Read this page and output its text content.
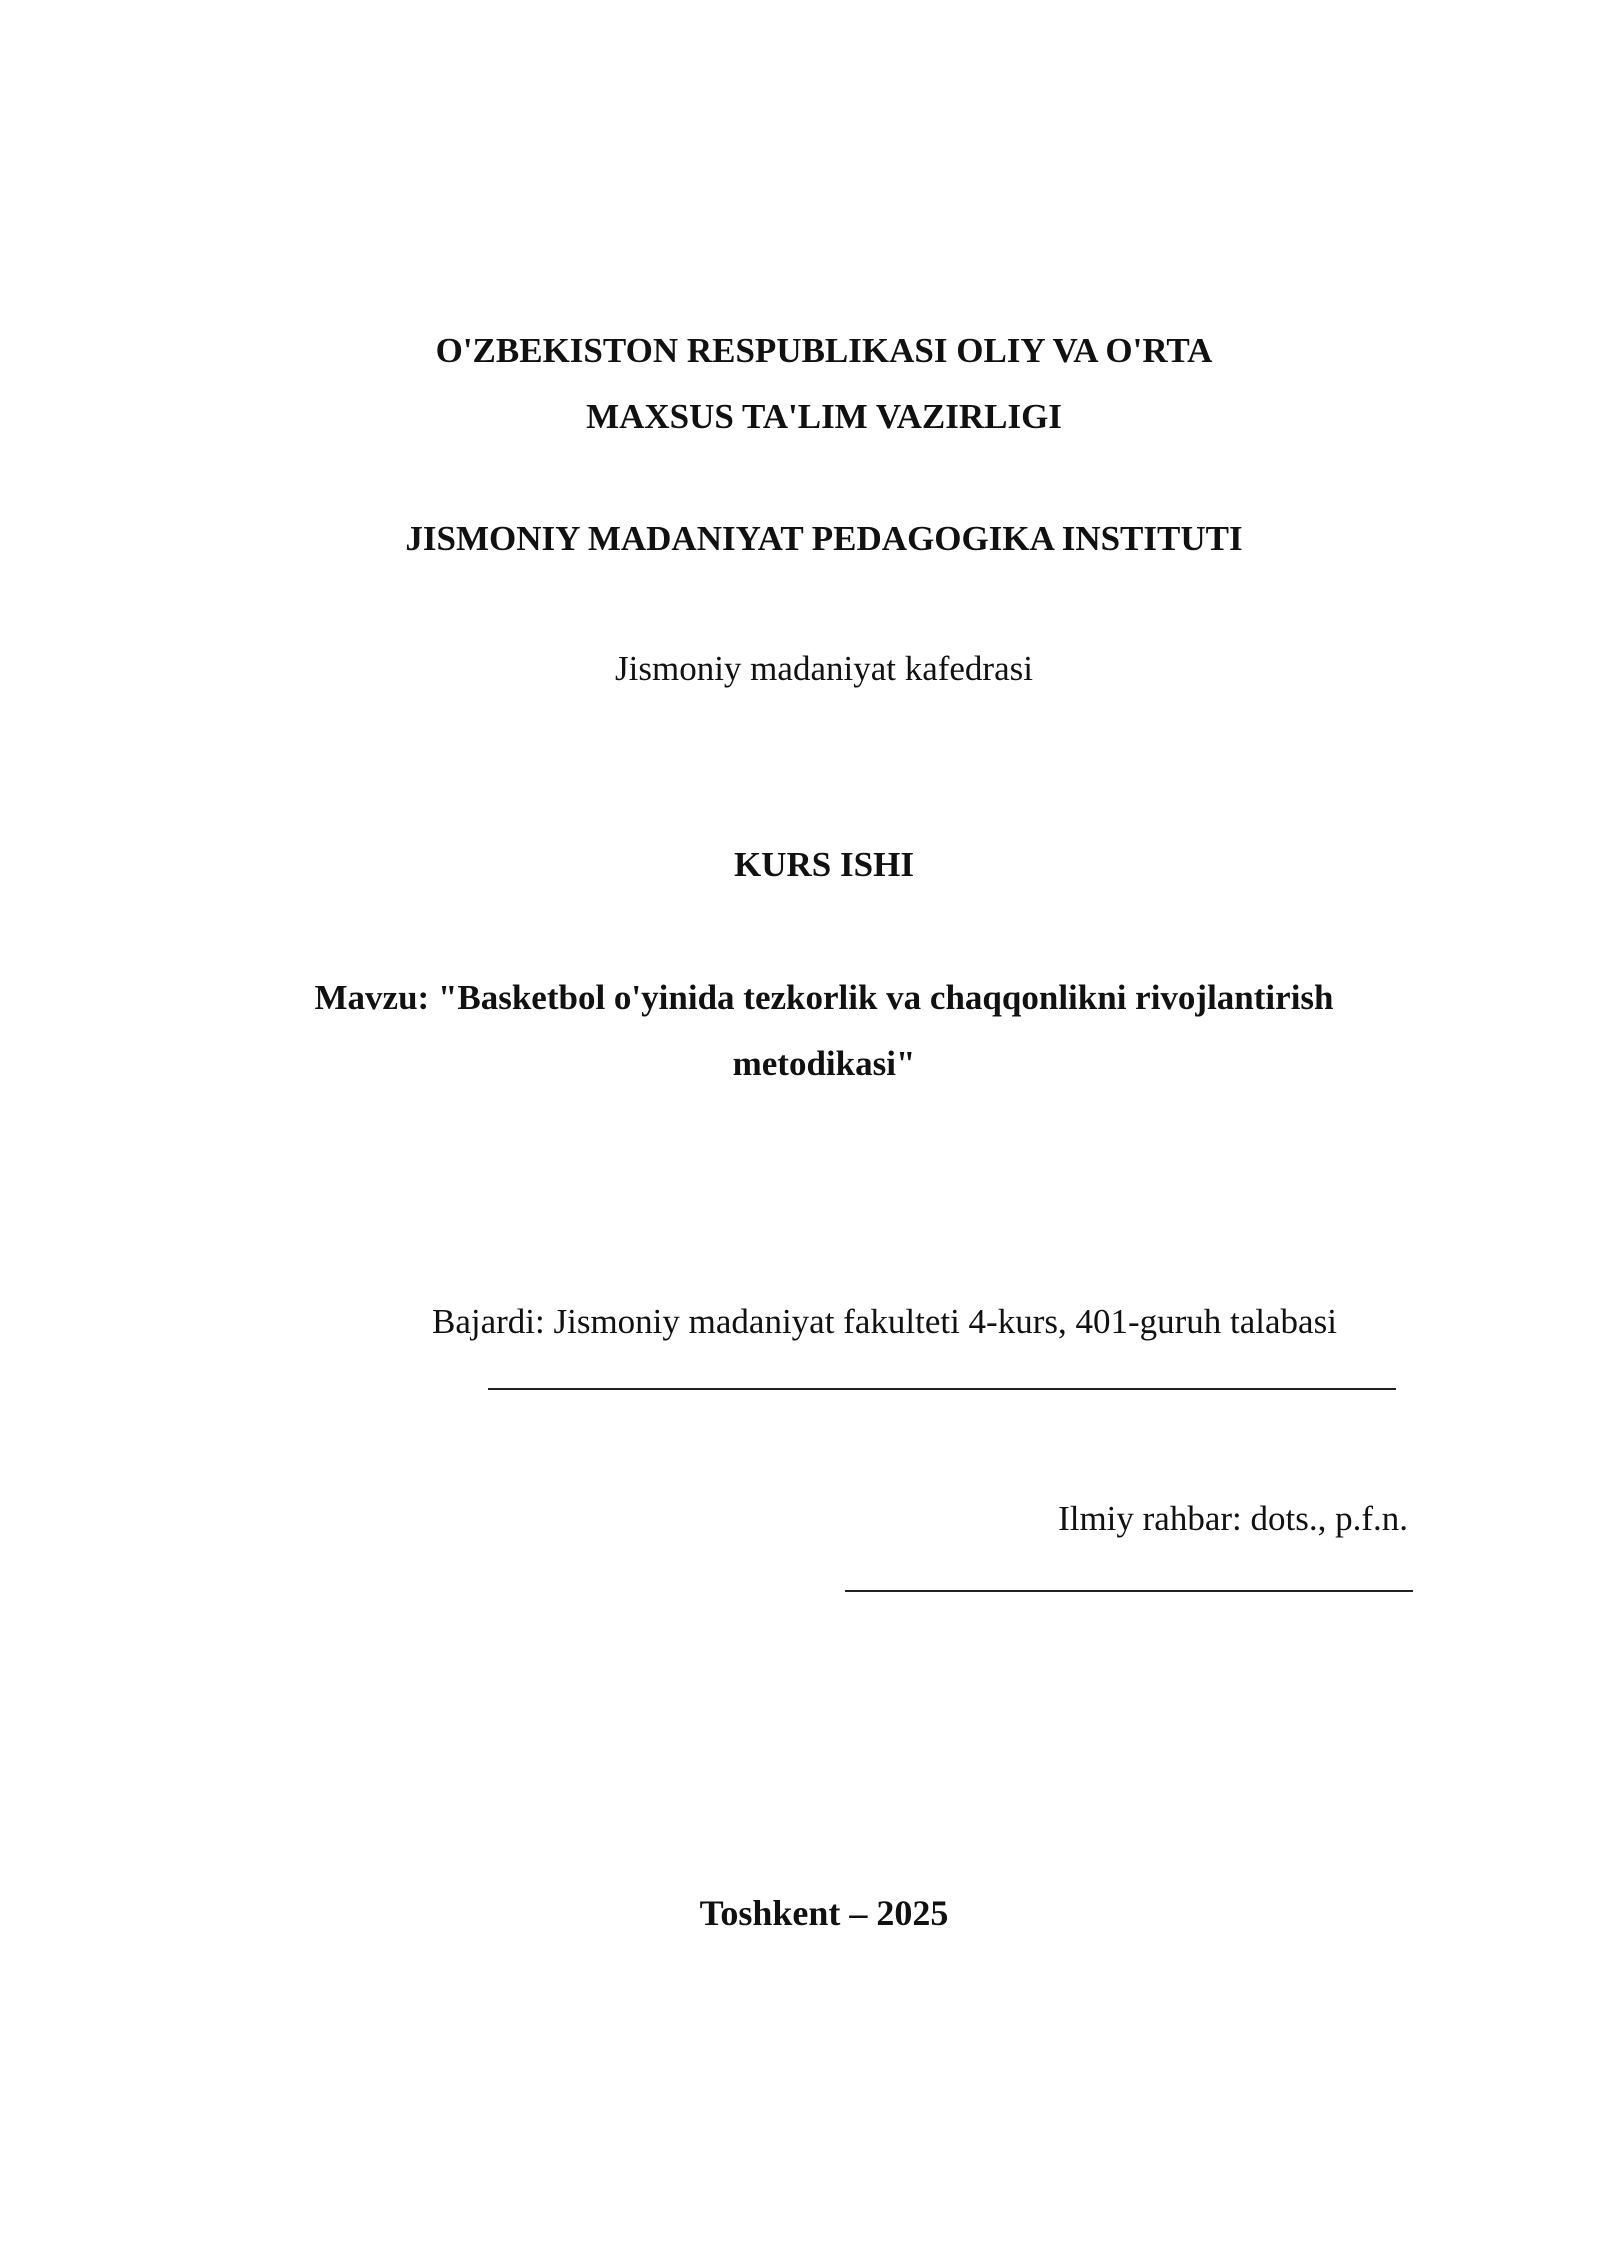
O'ZBEKISTON RESPUBLIKASI OLIY VA O'RTA
MAXSUS TA'LIM VAZIRLIGI
JISMONIY MADANIYAT PEDAGOGIKA INSTITUTI
Jismoniy madaniyat kafedrasi
KURS ISHI
Mavzu: "Basketbol o'yinida tezkorlik va chaqqonlikni rivojlantirish
metodikasi"
Bajardi: Jismoniy madaniyat fakulteti 4-kurs, 401-guruh talabasi
Ilmiy rahbar: dots., p.f.n.
Toshkent – 2025
